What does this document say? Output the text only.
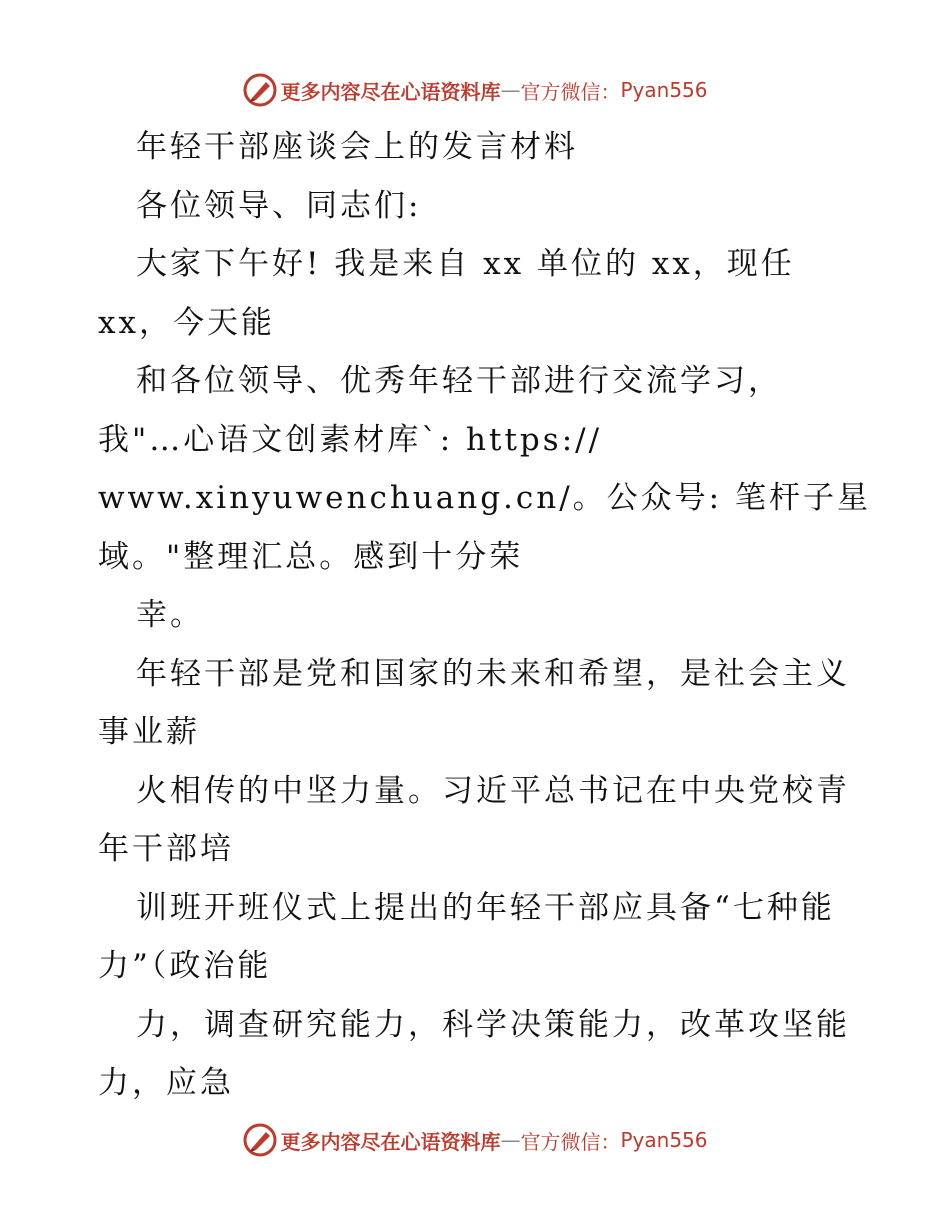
更多内容尽在心语资料库 — 官方微信： Pyan556
年轻干部座谈会上的发言材料
各位领导、同志们:
大家下午好! 我是来自 xx 单位的 xx，现任
xx，今天能
和各位领导、优秀年轻干部进行交流学习，
我"…心语文创素材库`: https://
www.xinyuwenchuang.cn/。公众号: 笔杆子星
域。"整理汇总。感到十分荣
幸。
年轻干部是党和国家的未来和希望，是社会主义
事业薪
火相传的中坚力量。习近平总书记在中央党校青
年干部培
训班开班仪式上提出的年轻干部应具备“七种能
力”（政治能
力，调查研究能力，科学决策能力，改革攻坚能
力，应急
更多内容尽在心语资料库 — 官方微信： Pyan556
